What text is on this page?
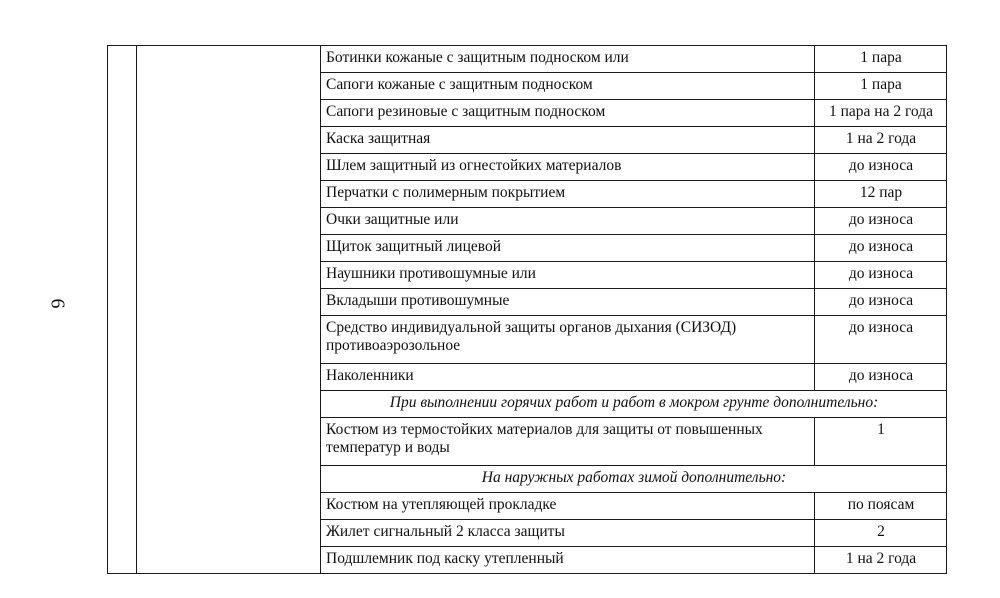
6
		Ботинки кожаные с защитным подноском или	1 пара
		Сапоги кожаные с защитным подноском	1 пара
		Сапоги резиновые с защитным подноском	1 пара на 2 года
		Каска защитная	1 на 2 года
		Шлем защитный из огнестойких материалов	до износа
		Перчатки с полимерным покрытием	12 пар
		Очки защитные или	до износа
		Щиток защитный лицевой	до износа
		Наушники противошумные или	до износа
		Вкладыши противошумные	до износа
		Средство индивидуальной защиты органов дыхания (СИЗОД) противоаэрозольное	до износа
		Наколенники	до износа
		При выполнении горячих работ и работ в мокром грунте дополнительно:	
		Костюм из термостойких материалов для защиты от повышенных температур и воды	1
		На наружных работах зимой дополнительно:	
		Костюм на утепляющей прокладке	по поясам
		Жилет сигнальный 2 класса защиты	2
		Подшлемник под каску утепленный	1 на 2 года
